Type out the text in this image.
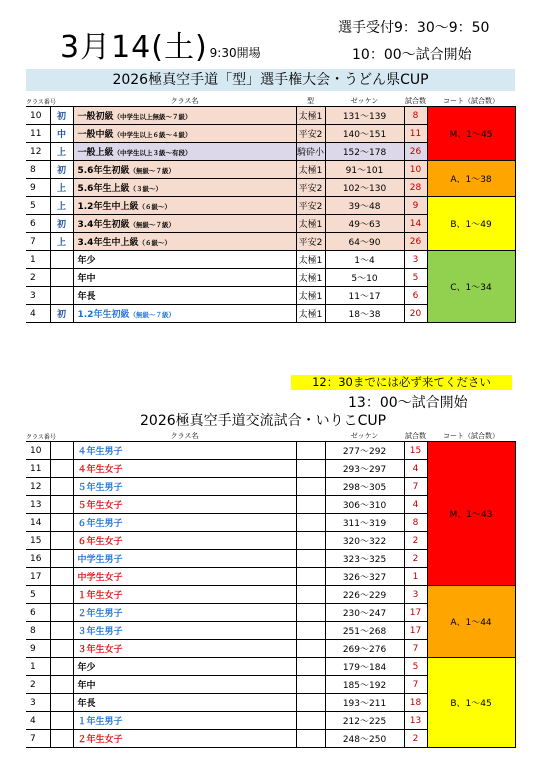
3月14(土) 9:30開場
選手受付9：30〜9：50
10：00〜試合開始
2026極真空手道「型」選手権大会・うどん県CUP
クラス番号		クラス名	型	ゼッケン	試合数	コート（試合数）
10	初	一般初級（中学生以上無級〜７級）	太極1	131〜139	8	M、1〜45
11	中	一般中級（中学生以上６級〜４級）	平安2	140〜151	11	
12	上	一般上級（中学生以上３級〜有段）	騎砕小	152〜178	26	
8	初	5.6年生初級（無級〜７級）	太極1	91〜101	10	A、1〜38
9	上	5.6年生上級（３級〜）	平安2	102〜130	28	
5	上	1.2年生中上級（６級〜）	平安2	39〜48	9	B、1〜49
6	初	3.4年生初級（無級〜７級）	太極1	49〜63	14	
7	上	3.4年生中上級（６級〜）	平安2	64〜90	26	
1		年少	太極1	1〜4	3	C、1〜34
2		年中	太極1	5〜10	5	
3		年長	太極1	11〜17	6	
4	初	1.2年生初級（無級〜７級）	太極1	18〜38	20	
12：30までには必ず来てください
13：00〜試合開始
2026極真空手道交流試合・いりこCUP
クラス番号		クラス名		ゼッケン	試合数	コート（試合数）
10		４年生男子		277〜292	15	M、1〜43
11		４年生女子		293〜297	4	
12		５年生男子		298〜305	7	
13		５年生女子		306〜310	4	
14		６年生男子		311〜319	8	
15		６年生女子		320〜322	2	
16		中学生男子		323〜325	2	
17		中学生女子		326〜327	1	
5		１年生女子		226〜229	3	A、1〜44
6		２年生男子		230〜247	17	
8		３年生男子		251〜268	17	
9		３年生女子		269〜276	7	
1		年少		179〜184	5	B、1〜45
2		年中		185〜192	7	
3		年長		193〜211	18	
4		１年生男子		212〜225	13	
7		２年生女子		248〜250	2	
